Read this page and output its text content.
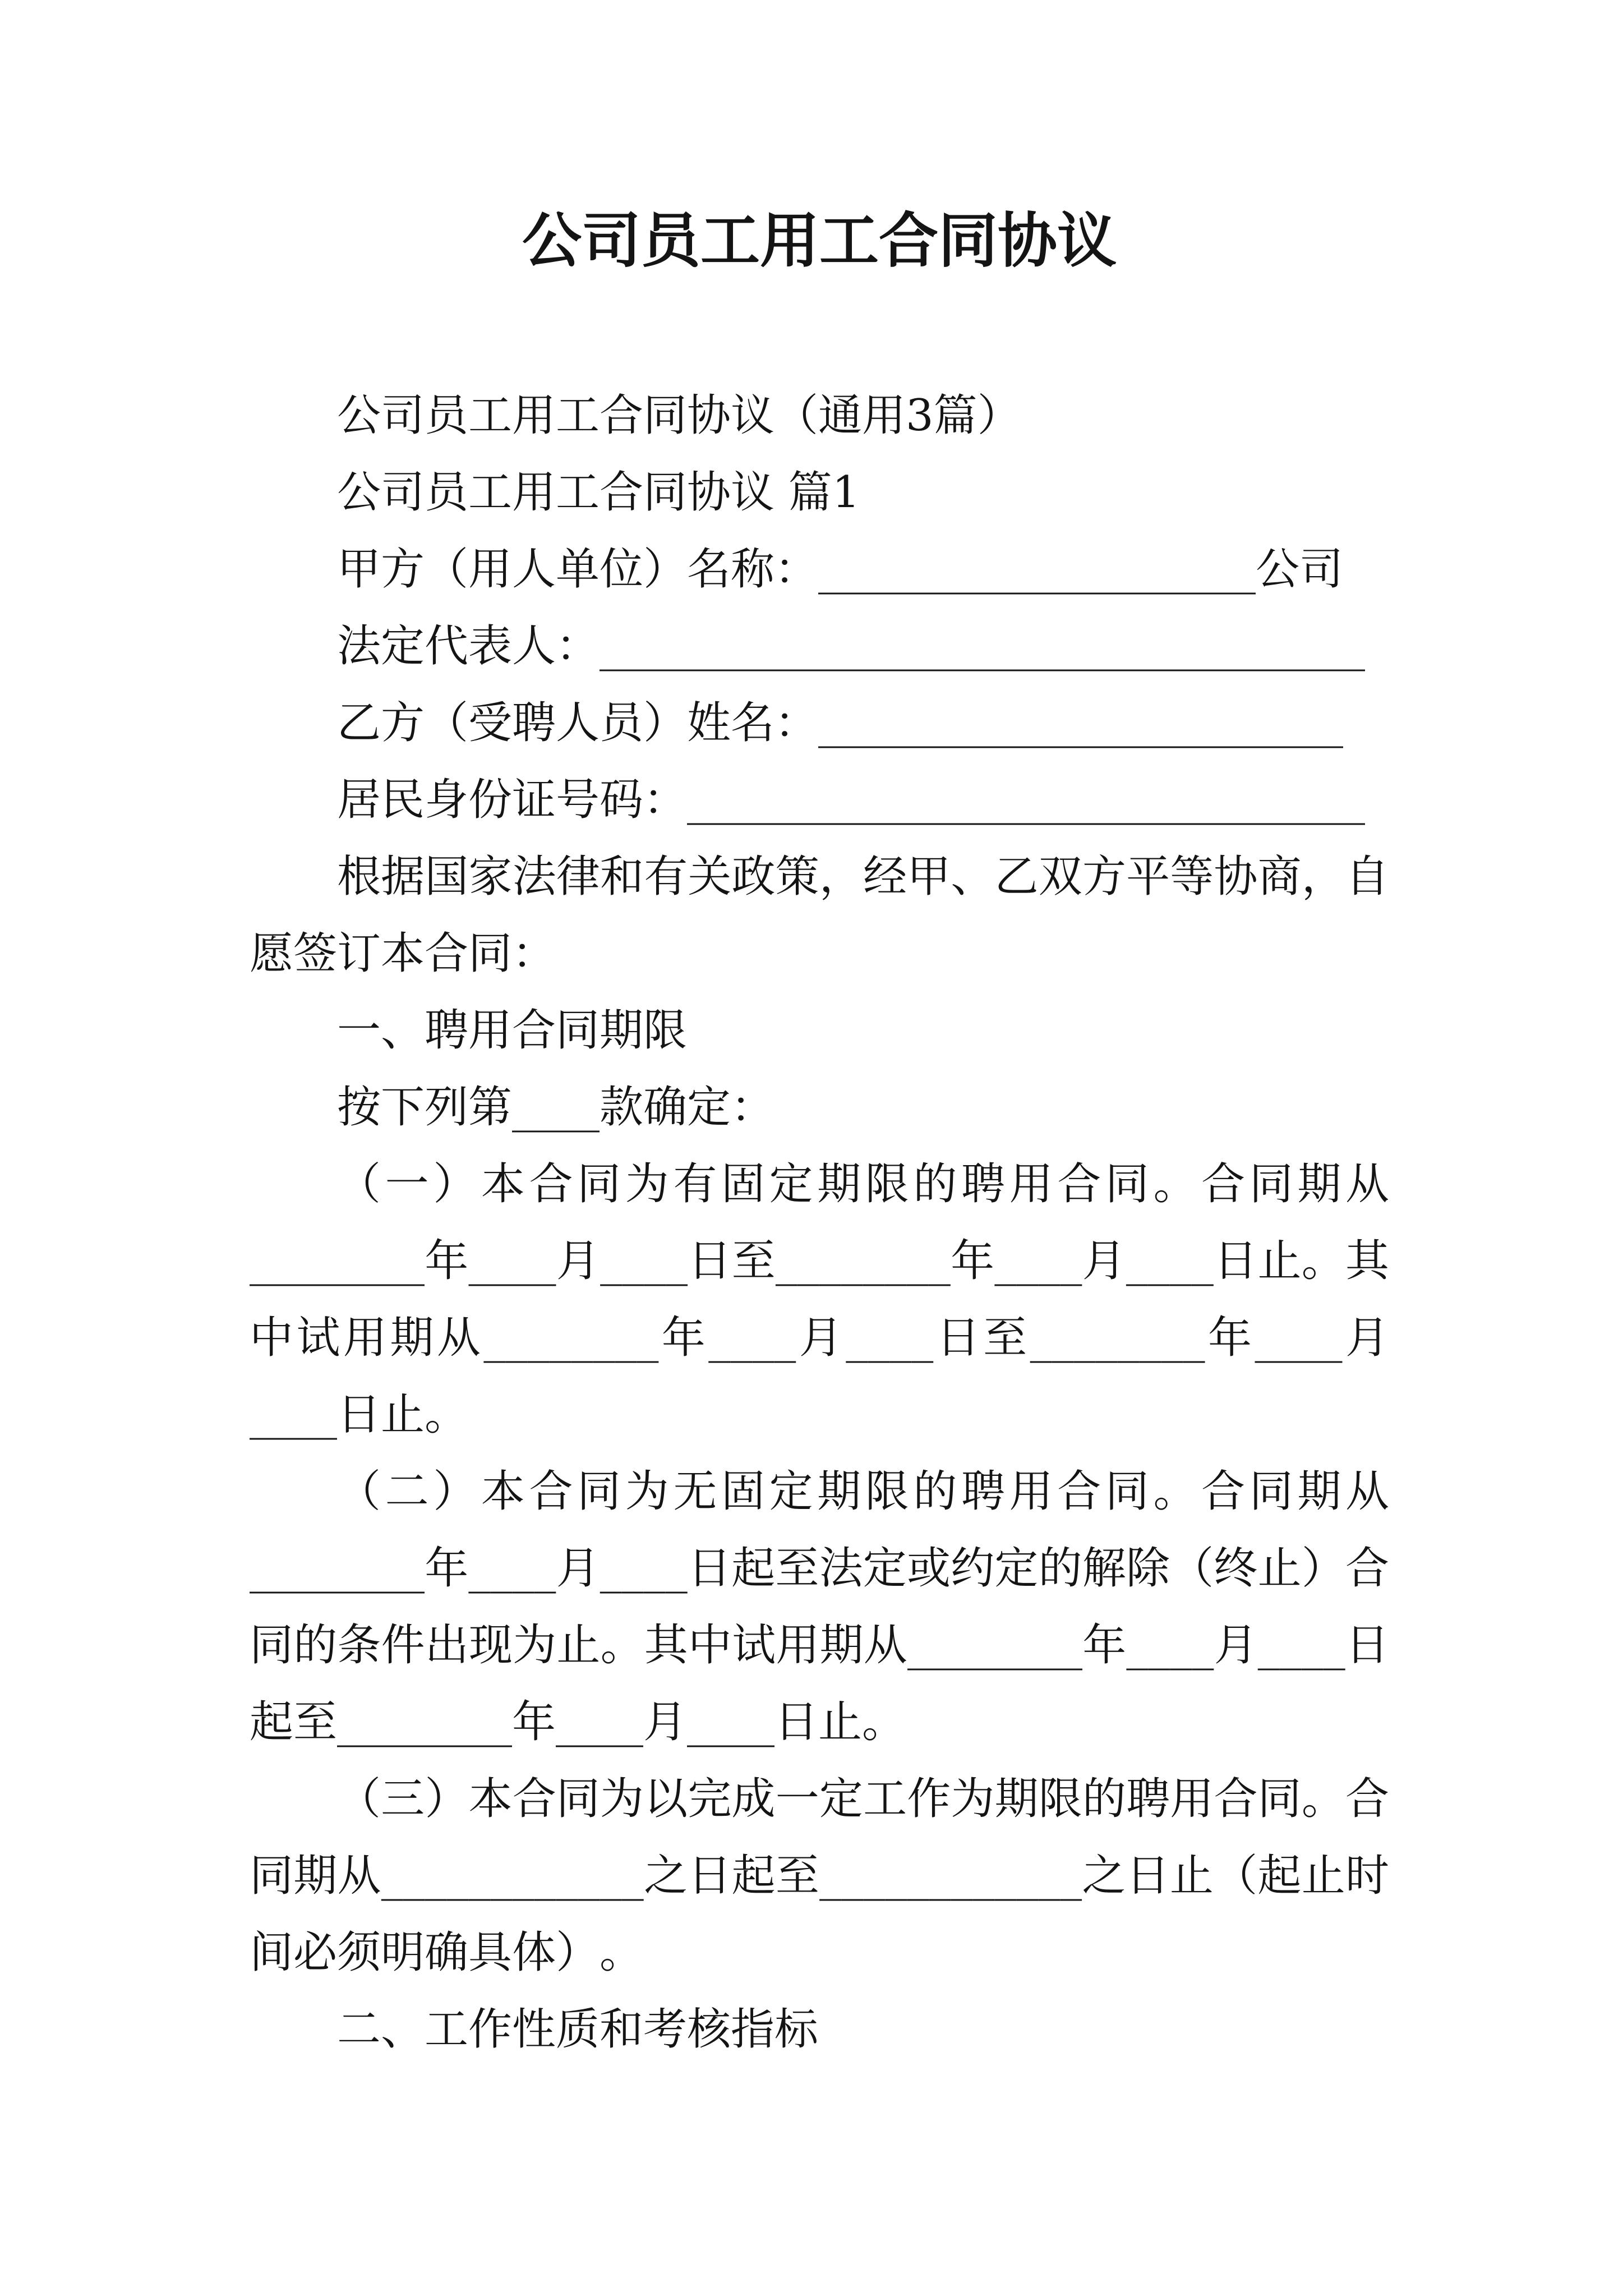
公司员工用工合同协议

公司员工用工合同协议（通用3篇）

公司员工用工合同协议 篇1

甲方（用人单位）名称：____________________公司

法定代表人：___________________________________

乙方（受聘人员）姓名：________________________

居民身份证号码：_______________________________

根据国家法律和有关政策，经甲、乙双方平等协商，自愿签订本合同：

一、聘用合同期限

按下列第____款确定：

（一）本合同为有固定期限的聘用合同。合同期从________年____月____日至________年____月____日止。其中试用期从________年____月____日至________年____月____日止。

（二）本合同为无固定期限的聘用合同。合同期从________年____月____日起至法定或约定的解除（终止）合同的条件出现为止。其中试用期从________年____月____日起至________年____月____日止。

（三）本合同为以完成一定工作为期限的聘用合同。合同期从____________之日起至____________之日止（起止时间必须明确具体）。

二、工作性质和考核指标
